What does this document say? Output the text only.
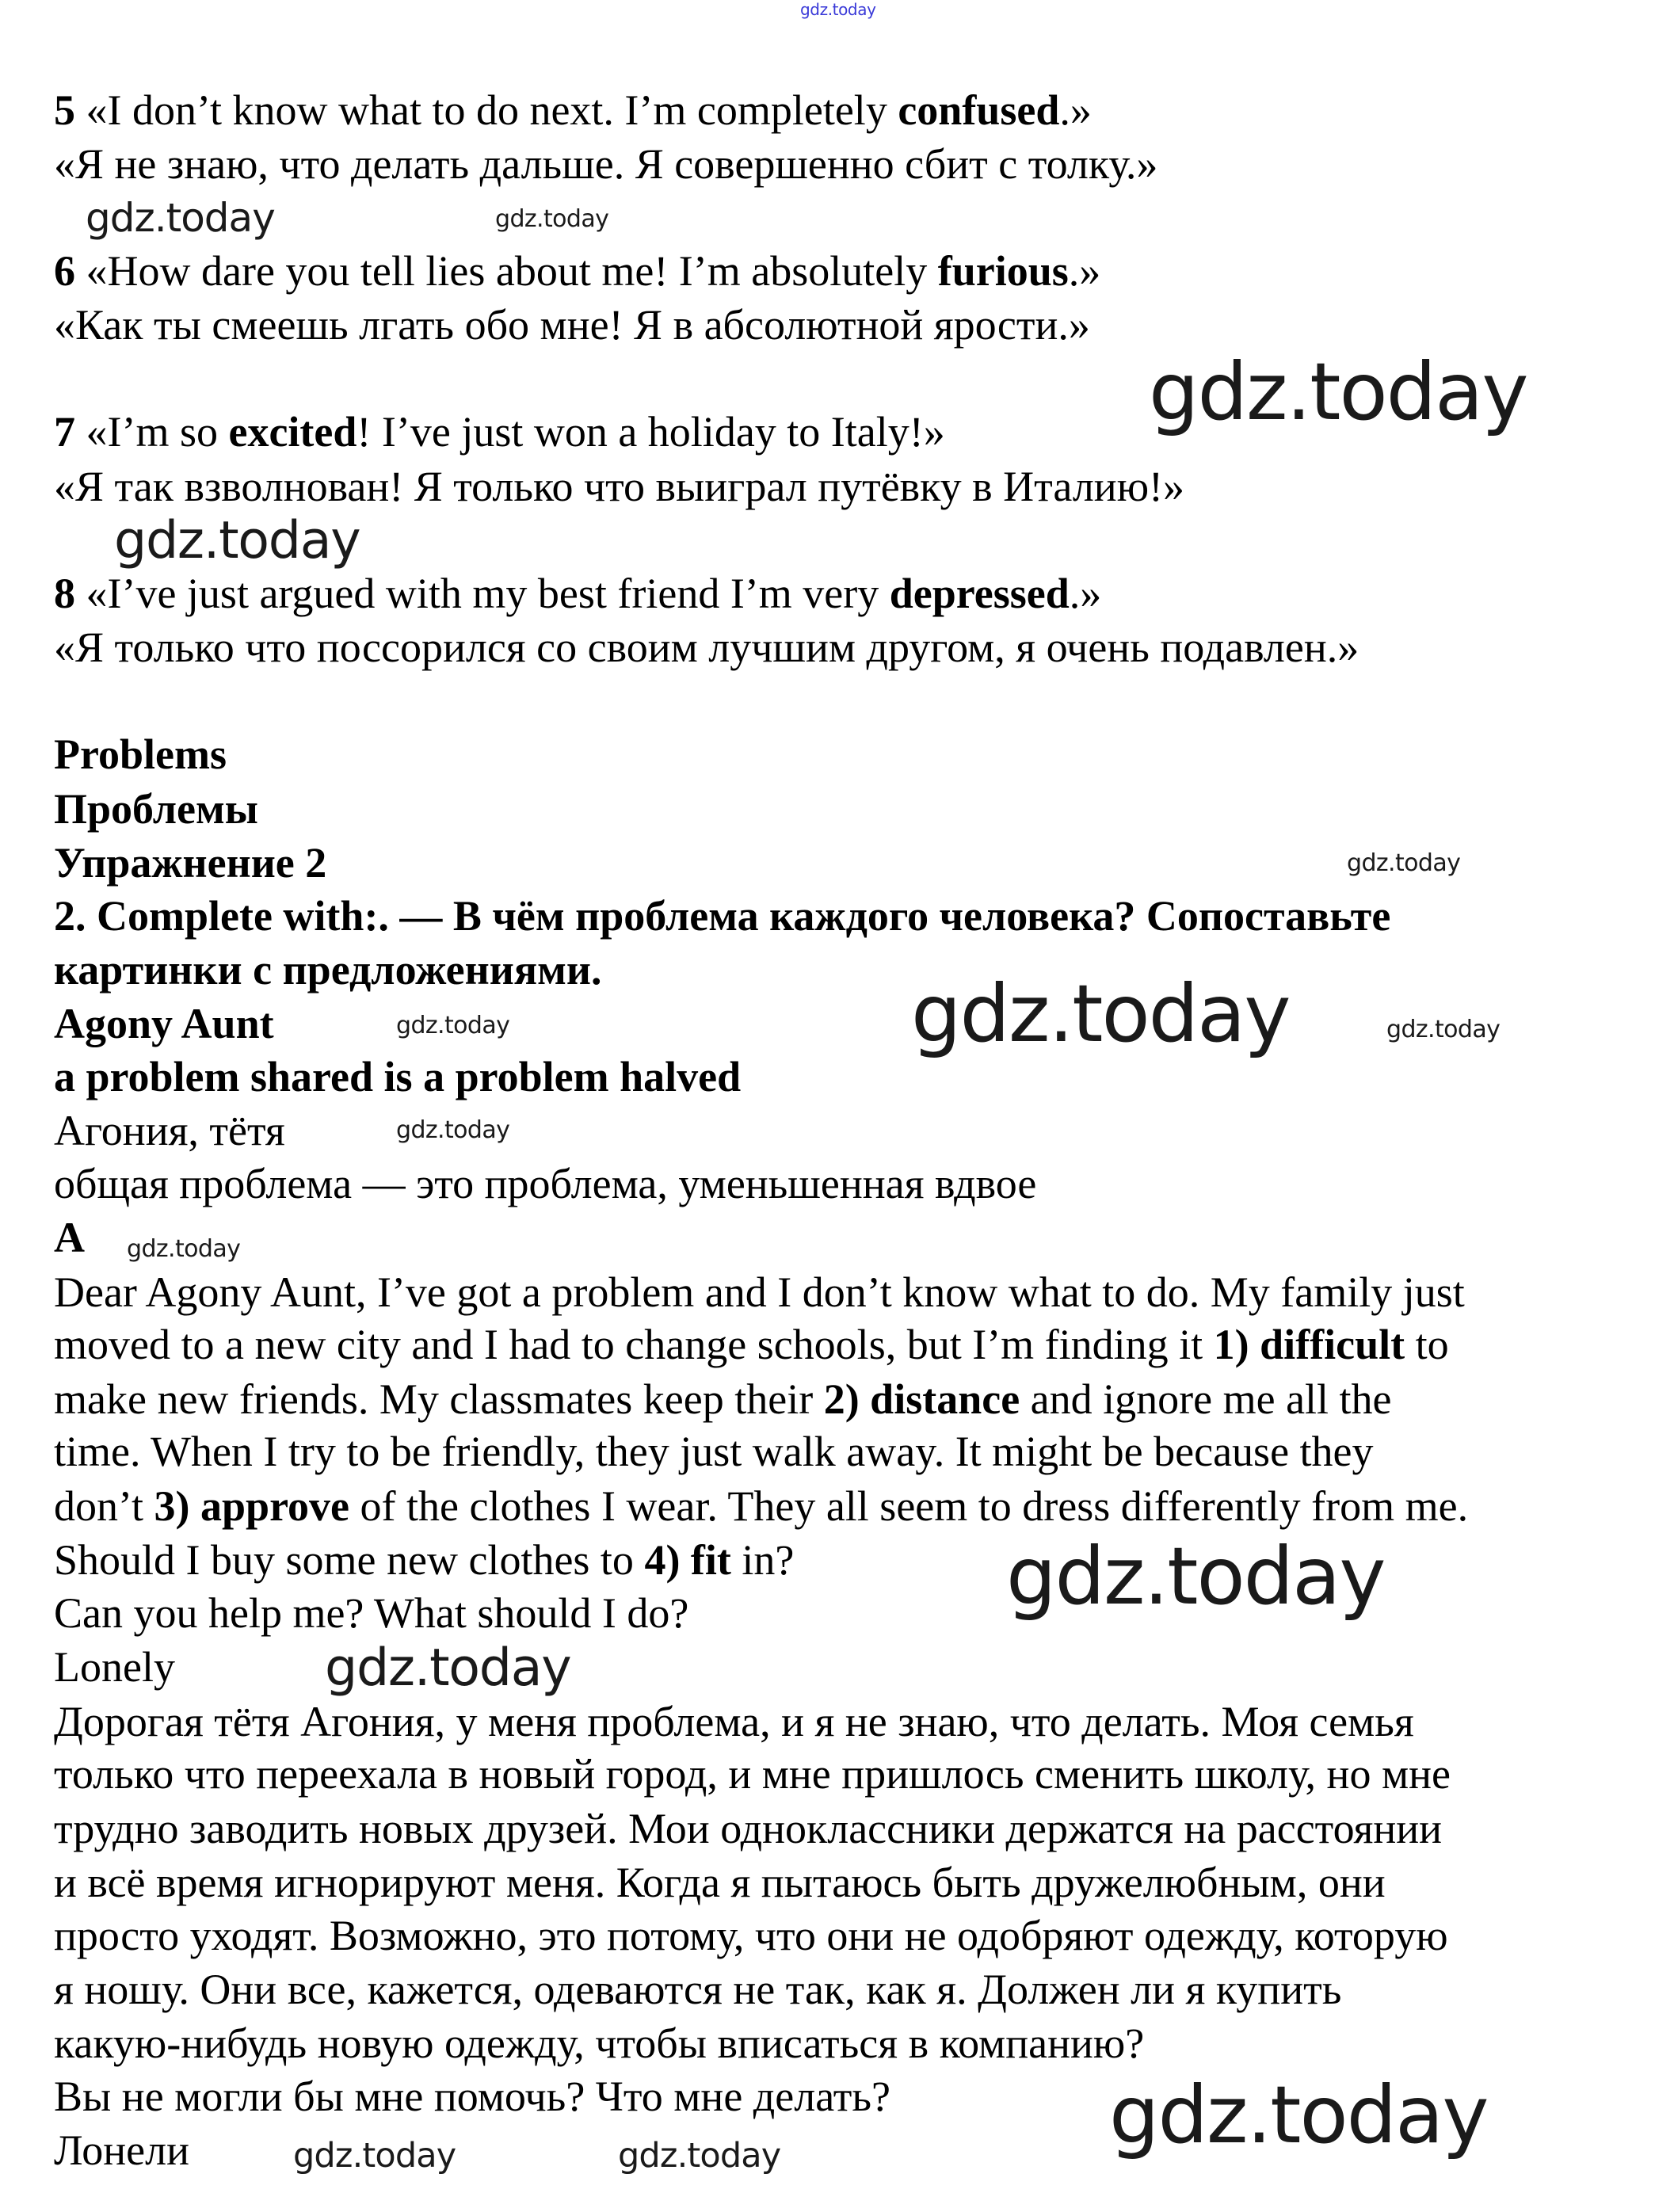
5 «I don’t know what to do next. I’m completely confused.»
«Я не знаю, что делать дальше. Я совершенно сбит с толку.»
6 «How dare you tell lies about me! I’m absolutely furious.»
«Как ты смеешь лгать обо мне! Я в абсолютной ярости.»
7 «I’m so excited! I’ve just won a holiday to Italy!»
«Я так взволнован! Я только что выиграл путёвку в Италию!»
8 «I’ve just argued with my best friend I’m very depressed.»
«Я только что поссорился со своим лучшим другом, я очень подавлен.»
Problems
Проблемы
Упражнение 2
2. Complete with:. — В чём проблема каждого человека? Сопоставьте
картинки с предложениями.
Agony Aunt
a problem shared is a problem halved
Агония, тётя
общая проблема — это проблема, уменьшенная вдвое
A
Dear Agony Aunt, I’ve got a problem and I don’t know what to do. My family just
moved to a new city and I had to change schools, but I’m finding it 1) difficult to
make new friends. My classmates keep their 2) distance and ignore me all the
time. When I try to be friendly, they just walk away. It might be because they
don’t 3) approve of the clothes I wear. They all seem to dress differently from me.
Should I buy some new clothes to 4) fit in?
Can you help me? What should I do?
Lonely
Дорогая тётя Агония, у меня проблема, и я не знаю, что делать. Моя семья
только что переехала в новый город, и мне пришлось сменить школу, но мне
трудно заводить новых друзей. Мои одноклассники держатся на расстоянии
и всё время игнорируют меня. Когда я пытаюсь быть дружелюбным, они
просто уходят. Возможно, это потому, что они не одобряют одежду, которую
я ношу. Они все, кажется, одеваются не так, как я. Должен ли я купить
какую-нибудь новую одежду, чтобы вписаться в компанию?
Вы не могли бы мне помочь? Что мне делать?
Лонели
gdz.today
gdz.today	gdz.today
gdz.today
gdz.today
gdz.today
gdz.today	gdz.today	gdz.today
gdz.today
gdz.today
gdz.today
gdz.today
gdz.today
gdz.today	gdz.today
